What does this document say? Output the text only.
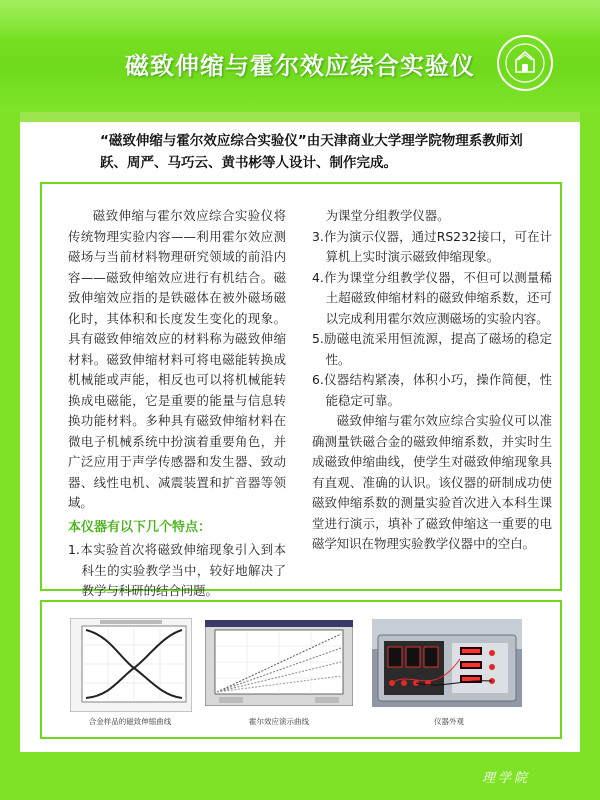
磁致伸缩与霍尔效应综合实验仪
“磁致伸缩与霍尔效应综合实验仪”由天津商业大学理学院物理系教师刘
跃、周严、马巧云、黄书彬等人设计、制作完成。

磁致伸缩与霍尔效应综合实验仪将传统物理实验内容——利用霍尔效应测磁场与当前材料物理研究领域的前沿内容——磁致伸缩效应进行有机结合。磁致伸缩效应指的是铁磁体在被外磁场磁化时，其体积和长度发生变化的现象。具有磁致伸缩效应的材料称为磁致伸缩材料。磁致伸缩材料可将电磁能转换成机械能或声能，相反也可以将机械能转换成电磁能，它是重要的能量与信息转换功能材料。多种具有磁致伸缩材料在微电子机械系统中扮演着重要角色，并广泛应用于声学传感器和发生器、致动器、线性电机、减震装置和扩音器等领域。

本仪器有以下几个特点：

1.本实验首次将磁致伸缩现象引入到本科生的实验教学当中，较好地解决了教学与科研的结合问题。

为课堂分组教学仪器。

3.作为演示仪器，通过RS232接口，可在计算机上实时演示磁致伸缩现象。

4.作为课堂分组教学仪器，不但可以测量稀土超磁致伸缩材料的磁致伸缩系数，还可以完成利用霍尔效应测磁场的实验内容。

5.励磁电流采用恒流源，提高了磁场的稳定性。

6.仪器结构紧凑，体积小巧，操作简便，性能稳定可靠。

磁致伸缩与霍尔效应综合实验仪可以准确测量铁磁合金的磁致伸缩系数，并实时生成磁致伸缩曲线，使学生对磁致伸缩现象具有直观、准确的认识。该仪器的研制成功使磁致伸缩系数的测量实验首次进入本科生课堂进行演示，填补了磁致伸缩这一重要的电磁学知识在物理实验教学仪器中的空白。

合金样品的磁致伸缩曲线	霍尔效应演示曲线	仪器外观
理学院
